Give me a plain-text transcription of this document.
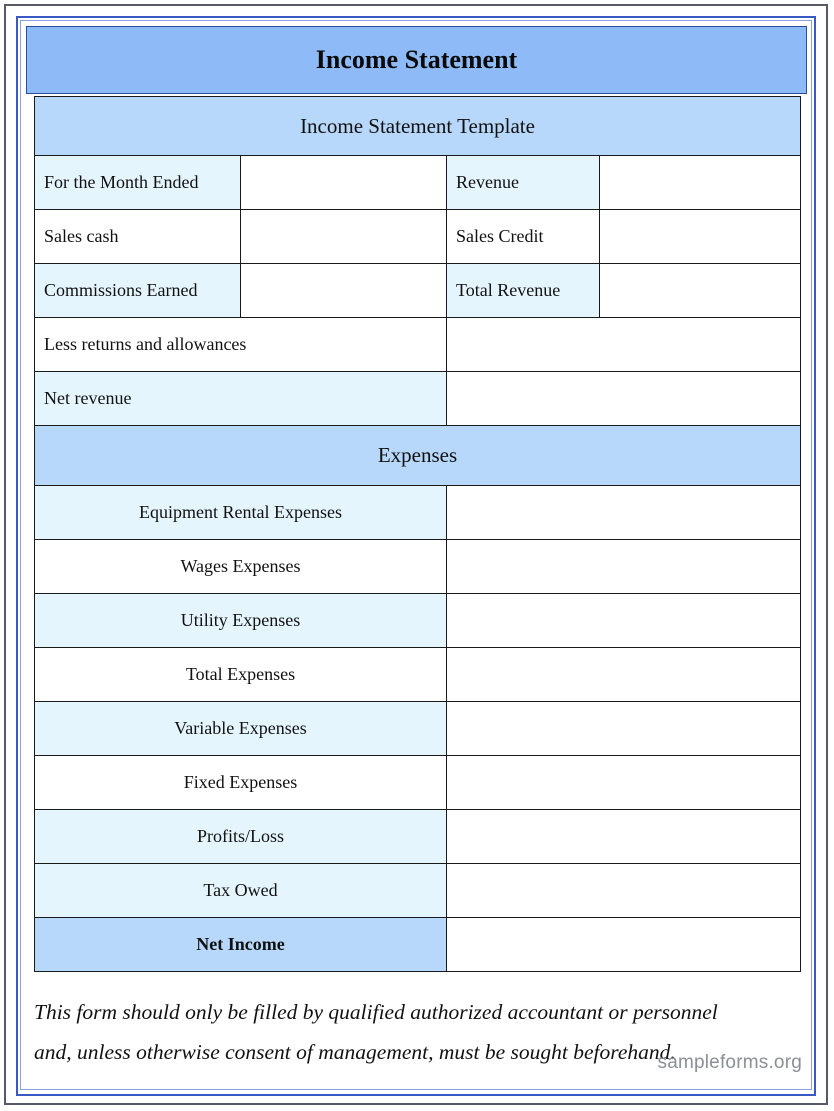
Income Statement
Income Statement Template			
For the Month Ended		Revenue	
Sales cash		Sales Credit	
Commissions Earned		Total Revenue	
Less returns and allowances			
Net revenue			
Expenses			
Equipment Rental Expenses			
Wages Expenses			
Utility Expenses			
Total Expenses			
Variable Expenses			
Fixed Expenses			
Profits/Loss			
Tax Owed			
Net Income			
This form should only be filled by qualified authorized accountant or personnel
and, unless otherwise consent of management, must be sought beforehand.
sampleforms.org
